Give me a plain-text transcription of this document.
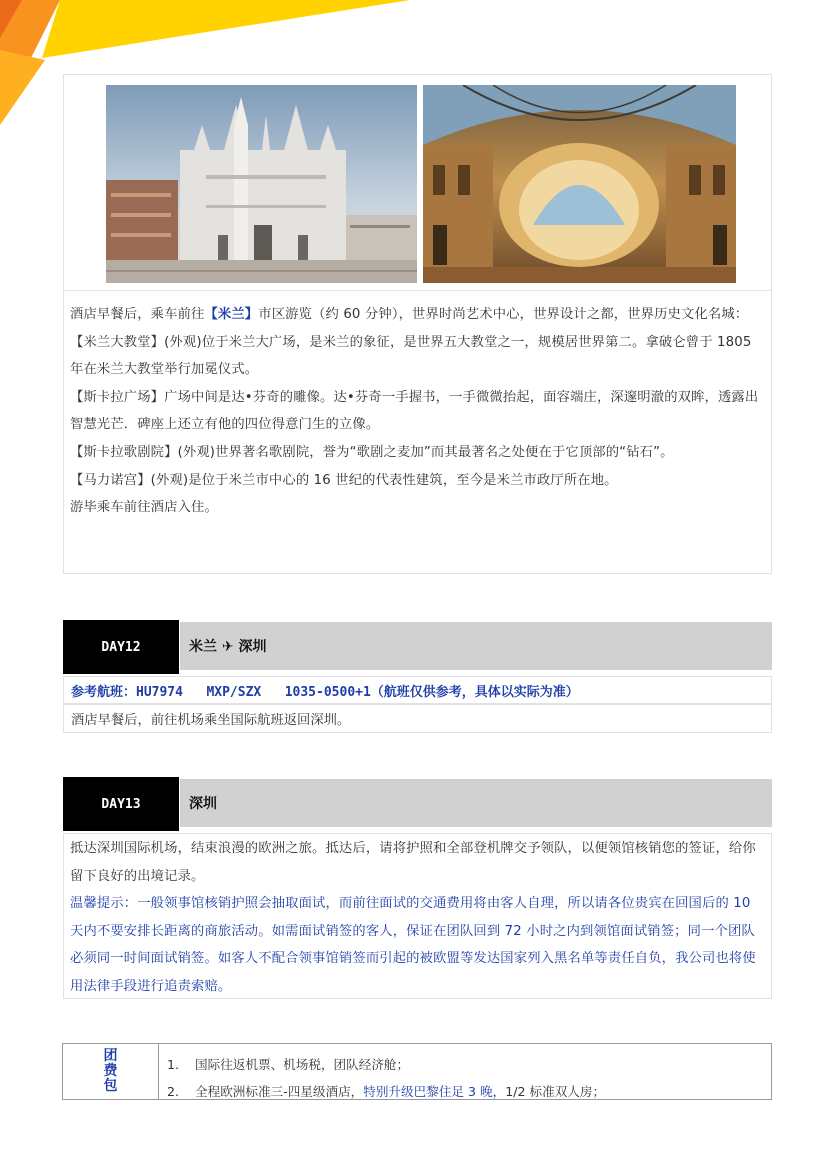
酒店早餐后，乘车前往【米兰】市区游览（约 60 分钟），世界时尚艺术中心，世界设计之都，世界历史文化名城：

【米兰大教堂】(外观)位于米兰大广场，是米兰的象征，是世界五大教堂之一，规模居世界第二。拿破仑曾于 1805 年在米兰大教堂举行加冕仪式。

【斯卡拉广场】广场中间是达•芬奇的雕像。达•芬奇一手握书，一手微微抬起，面容端庄，深邃明澈的双眸，透露出智慧光芒．碑座上还立有他的四位得意门生的立像。

【斯卡拉歌剧院】(外观)世界著名歌剧院，誉为“歌剧之麦加”而其最著名之处便在于它顶部的“钻石”。

【马力诺宫】(外观)是位于米兰市中心的 16 世纪的代表性建筑，至今是米兰市政厅所在地。

游毕乘车前往酒店入住。

DAY12	米兰 ✈ 深圳
参考航班：HU7974   MXP/SZX   1035-0500+1（航班仅供参考，具体以实际为准）
酒店早餐后，前往机场乘坐国际航班返回深圳。
DAY13	深圳

抵达深圳国际机场，结束浪漫的欧洲之旅。抵达后，请将护照和全部登机牌交予领队，以便领馆核销您的签证，给你留下良好的出境记录。

温馨提示：一般领事馆核销护照会抽取面试，而前往面试的交通费用将由客人自理，所以请各位贵宾在回国后的 10 天内不要安排长距离的商旅活动。如需面试销签的客人，保证在团队回到 72 小时之内到领馆面试销签；同一个团队必须同一时间面试销签。如客人不配合领事馆销签而引起的被欧盟等发达国家列入黑名单等责任自负，我公司也将使用法律手段进行追责索赔。

团
费
包
1. 国际往返机票、机场税，团队经济舱；
2. 全程欧洲标准三-四星级酒店，特别升级巴黎住足 3 晚，1/2 标准双人房；
